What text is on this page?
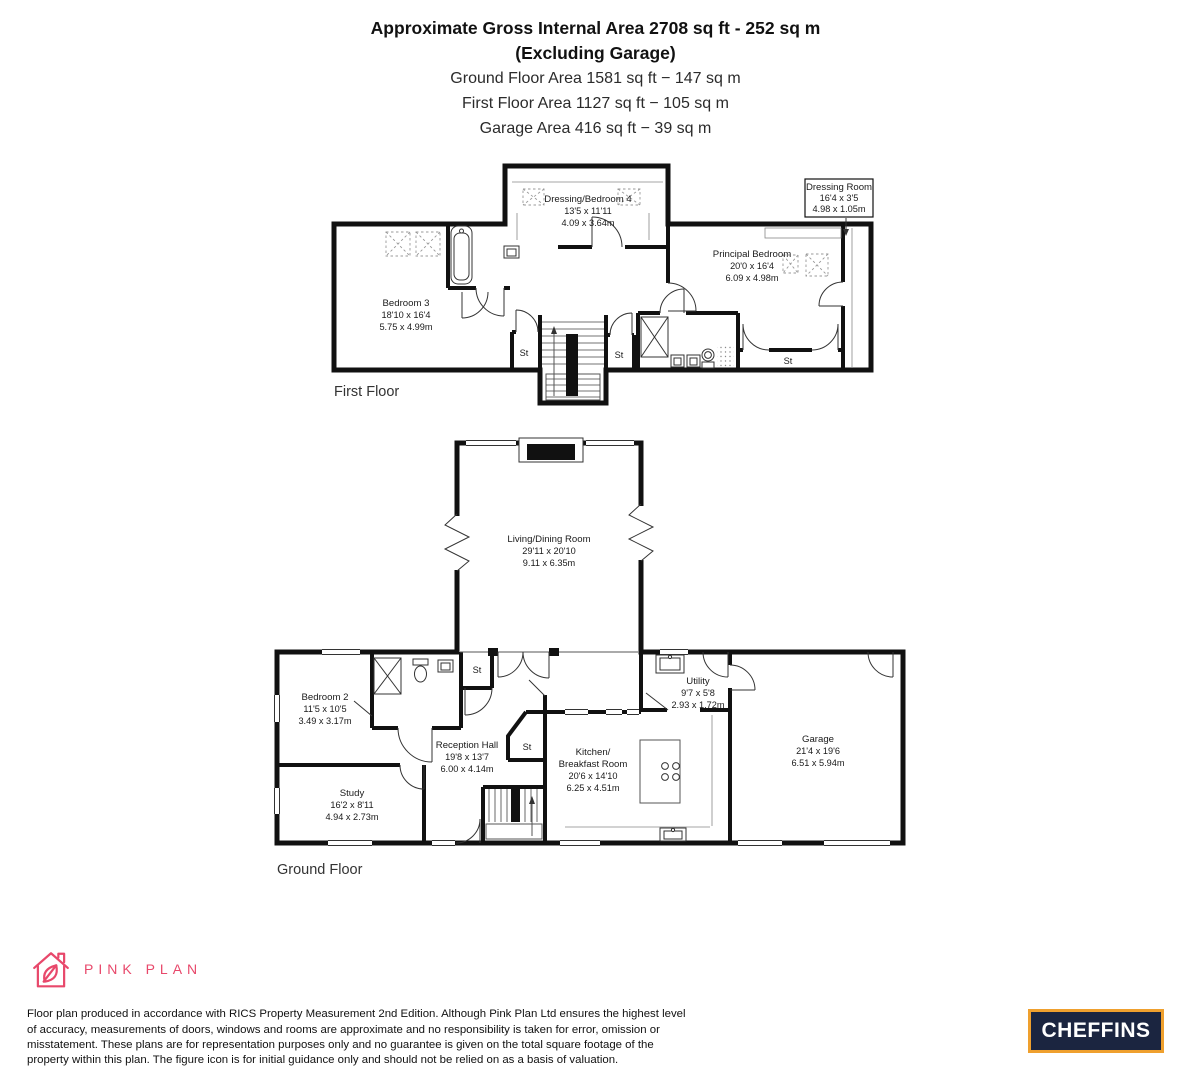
Approximate Gross Internal Area 2708 sq ft - 252 sq m
(Excluding Garage)
Ground Floor Area 1581 sq ft − 147 sq m
First Floor Area 1127 sq ft − 105 sq m
Garage Area 416 sq ft − 39 sq m
Dressing Room
16'4 x 3'5
4.98 x 1.05m
Bedroom 3
18'10 x 16'4
5.75 x 4.99m
Dressing/Bedroom 4
13'5 x 11'11
4.09 x 3.64m
Principal Bedroom
20'0 x 16'4
6.09 x 4.98m
St	St
St
First Floor
Living/Dining Room
29'11 x 20'10
9.11 x 6.35m
Bedroom 2
11'5 x 10'5
3.49 x 3.17m
Study
16'2 x 8'11
4.94 x 2.73m
Reception Hall
19'8 x 13'7
6.00 x 4.14m
Kitchen/
Breakfast Room
20'6 x 14'10
6.25 x 4.51m
Utility
9'7 x 5'8
2.93 x 1.72m
Garage
21'4 x 19'6
6.51 x 5.94m
St
St
Ground Floor
PINK PLAN

Floor plan produced in accordance with RICS Property Measurement 2nd Edition. Although Pink Plan Ltd ensures the highest level of accuracy, measurements of doors, windows and rooms are approximate and no responsibility is taken for error, omission or misstatement. These plans are for representation purposes only and no guarantee is given on the total square footage of the property within this plan. The figure icon is for initial guidance only and should not be relied on as a basis of valuation.

CHEFFINS
